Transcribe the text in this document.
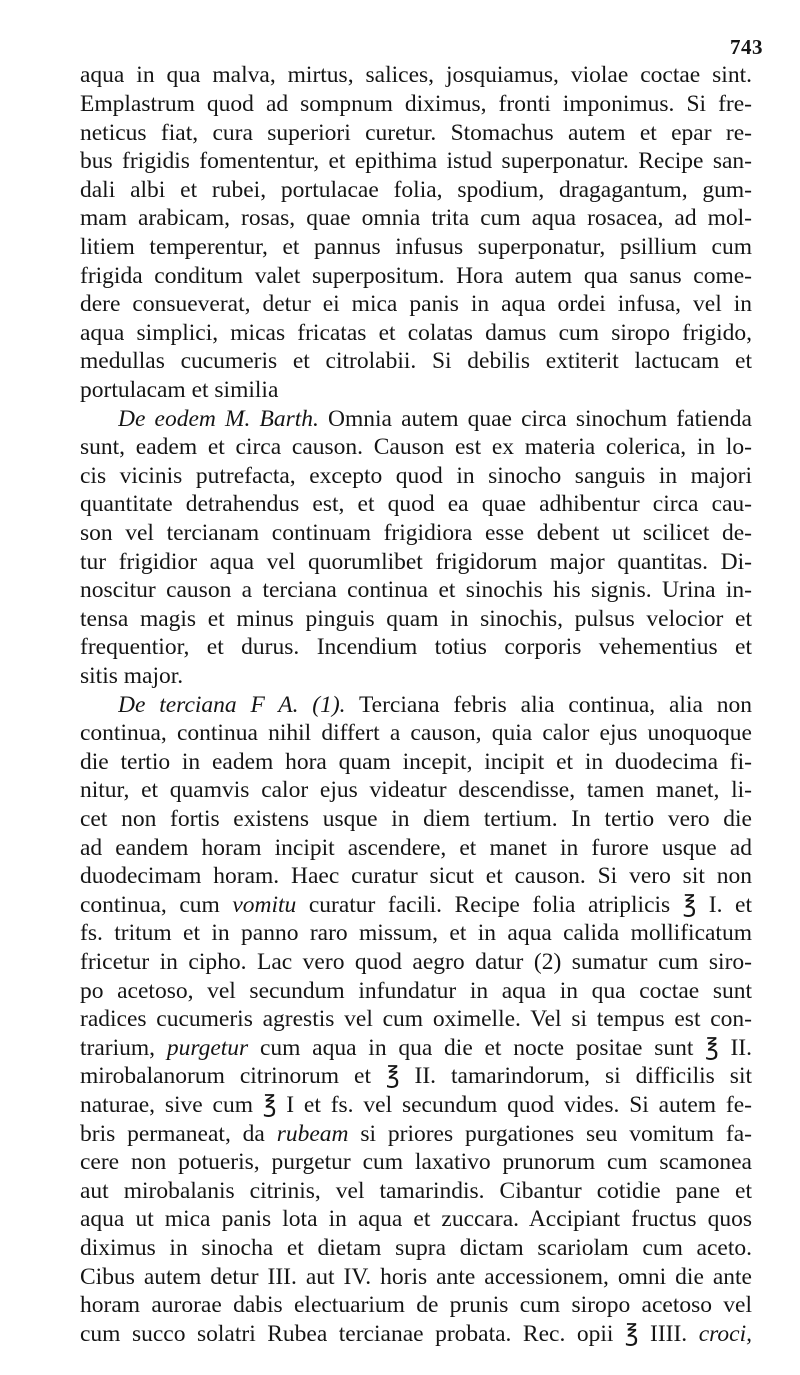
743
aqua in qua malva, mirtus, salices, josquiamus, violae coctae sint.
Emplastrum quod ad sompnum diximus, fronti imponimus. Si fre-
neticus fiat, cura superiori curetur. Stomachus autem et epar re-
bus frigidis fomententur, et epithima istud superponatur. Recipe san-
dali albi et rubei, portulacae folia, spodium, dragagantum, gum-
mam arabicam, rosas, quae omnia trita cum aqua rosacea, ad mol-
litiem temperentur, et pannus infusus superponatur, psillium cum
frigida conditum valet superpositum. Hora autem qua sanus come-
dere consueverat, detur ei mica panis in aqua ordei infusa, vel in
aqua simplici, micas fricatas et colatas damus cum siropo frigido,
medullas cucumeris et citrolabii. Si debilis extiterit lactucam et
portulacam et similia
De eodem M. Barth. Omnia autem quae circa sinochum fatienda
sunt, eadem et circa causon. Causon est ex materia colerica, in lo-
cis vicinis putrefacta, excepto quod in sinocho sanguis in majori
quantitate detrahendus est, et quod ea quae adhibentur circa cau-
son vel tercianam continuam frigidiora esse debent ut scilicet de-
tur frigidior aqua vel quorumlibet frigidorum major quantitas. Di-
noscitur causon a terciana continua et sinochis his signis. Urina in-
tensa magis et minus pinguis quam in sinochis, pulsus velocior et
frequentior, et durus. Incendium totius corporis vehementius et
sitis major.
De terciana F A. (1). Terciana febris alia continua, alia non
continua, continua nihil differt a causon, quia calor ejus unoquoque
die tertio in eadem hora quam incepit, incipit et in duodecima fi-
nitur, et quamvis calor ejus videatur descendisse, tamen manet, li-
cet non fortis existens usque in diem tertium. In tertio vero die
ad eandem horam incipit ascendere, et manet in furore usque ad
duodecimam horam. Haec curatur sicut et causon. Si vero sit non
continua, cum vomitu curatur facili. Recipe folia atriplicis ℥ I. et
fs. tritum et in panno raro missum, et in aqua calida mollificatum
fricetur in cipho. Lac vero quod aegro datur (2) sumatur cum siro-
po acetoso, vel secundum infundatur in aqua in qua coctae sunt
radices cucumeris agrestis vel cum oximelle. Vel si tempus est con-
trarium, purgetur cum aqua in qua die et nocte positae sunt ℥ II.
mirobalanorum citrinorum et ℥ II. tamarindorum, si difficilis sit
naturae, sive cum ℥ I et fs. vel secundum quod vides. Si autem fe-
bris permaneat, da rubeam si priores purgationes seu vomitum fa-
cere non potueris, purgetur cum laxativo prunorum cum scamonea
aut mirobalanis citrinis, vel tamarindis. Cibantur cotidie pane et
aqua ut mica panis lota in aqua et zuccara. Accipiant fructus quos
diximus in sinocha et dietam supra dictam scariolam cum aceto.
Cibus autem detur III. aut IV. horis ante accessionem, omni die ante
horam aurorae dabis electuarium de prunis cum siropo acetoso vel
cum succo solatri Rubea tercianae probata. Rec. opii ℥ IIII. croci,
